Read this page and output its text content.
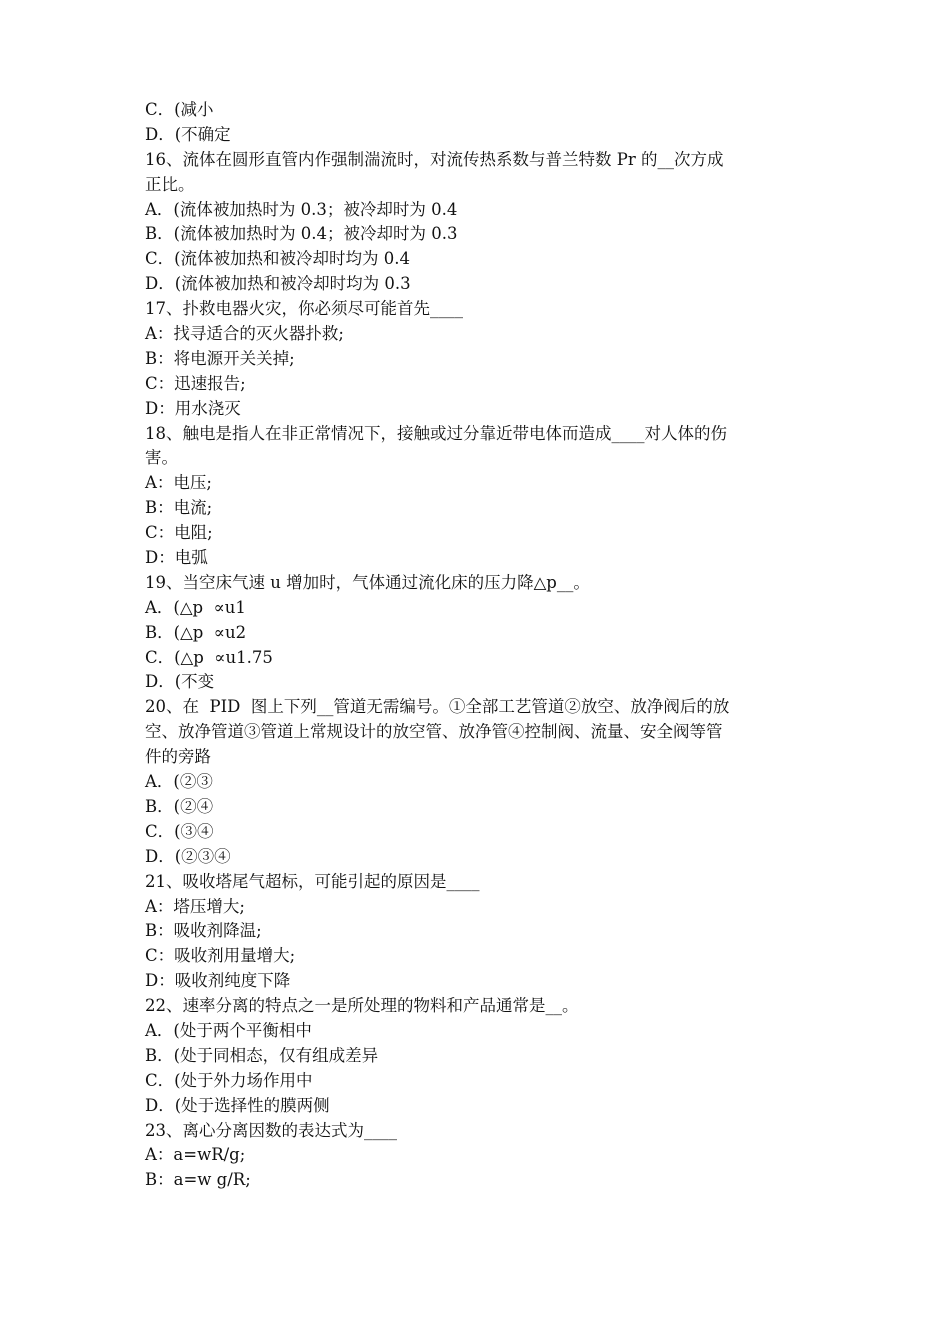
C．(减小
D．(不确定
16、流体在圆形直管内作强制湍流时，对流传热系数与普兰特数 Pr 的__次方成
正比。
A．(流体被加热时为 0.3；被冷却时为 0.4
B．(流体被加热时为 0.4；被冷却时为 0.3
C．(流体被加热和被冷却时均为 0.4
D．(流体被加热和被冷却时均为 0.3
17、扑救电器火灾，你必须尽可能首先____
A：找寻适合的灭火器扑救;
B：将电源开关关掉;
C：迅速报告;
D：用水浇灭
18、触电是指人在非正常情况下，接触或过分靠近带电体而造成____对人体的伤
害。
A：电压;
B：电流;
C：电阻;
D：电弧
19、当空床气速 u 增加时，气体通过流化床的压力降△p__。
A．(△p  ∝u1
B．(△p  ∝u2
C．(△p  ∝u1.75
D．(不变
20、在  PID  图上下列__管道无需编号。①全部工艺管道②放空、放净阀后的放
空、放净管道③管道上常规设计的放空管、放净管④控制阀、流量、安全阀等管
件的旁路
A．(②③
B．(②④
C．(③④
D．(②③④
21、吸收塔尾气超标，可能引起的原因是____
A：塔压增大;
B：吸收剂降温;
C：吸收剂用量增大;
D：吸收剂纯度下降
22、速率分离的特点之一是所处理的物料和产品通常是__。
A．(处于两个平衡相中
B．(处于同相态，仅有组成差异
C．(处于外力场作用中
D．(处于选择性的膜两侧
23、离心分离因数的表达式为____
A：a=wR/g;
B：a=w g/R;
